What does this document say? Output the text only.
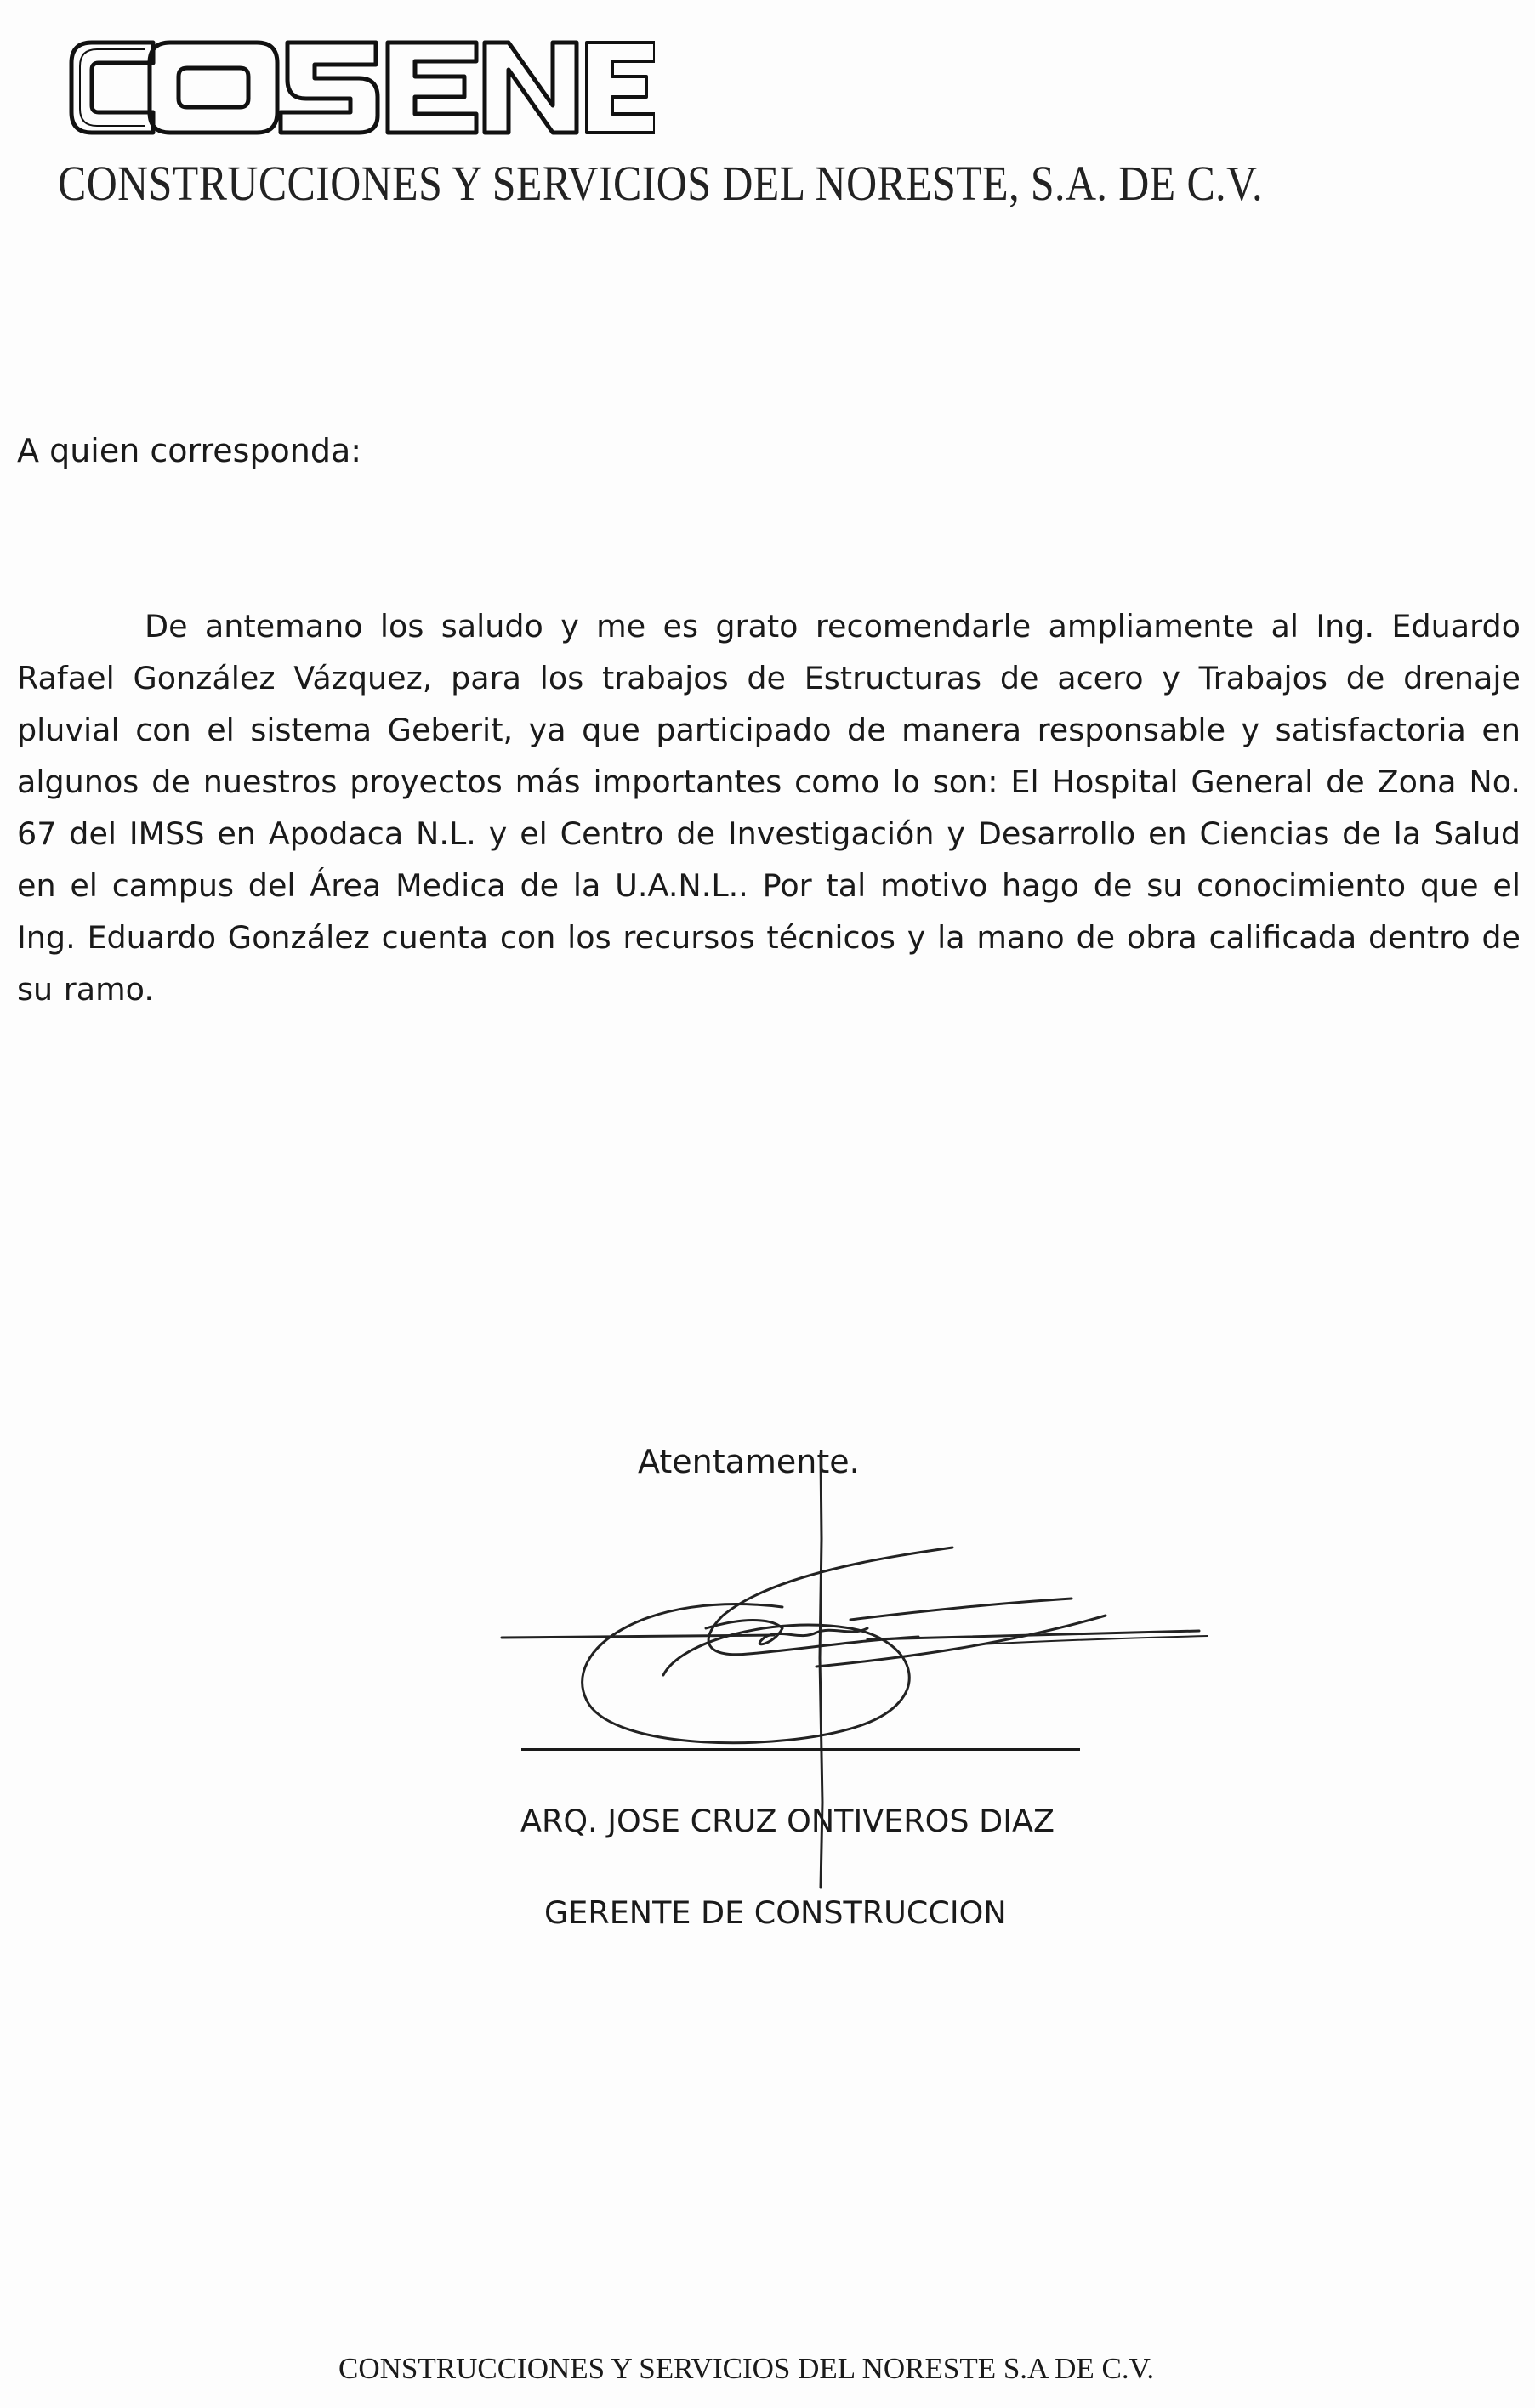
CONSTRUCCIONES Y SERVICIOS DEL NORESTE, S.A. DE C.V.
A quien corresponda:
De antemano los saludo y me es grato recomendarle ampliamente al Ing. Eduardo Rafael González Vázquez, para los trabajos de Estructuras de acero y Trabajos de drenaje pluvial con el sistema Geberit, ya que participado de manera responsable y satisfactoria en algunos de nuestros proyectos más importantes como lo son: El Hospital General de Zona No. 67 del IMSS en Apodaca N.L. y el Centro de Investigación y Desarrollo en Ciencias de la Salud en el campus del Área Medica de la U.A.N.L.. Por tal motivo hago de su conocimiento que el Ing. Eduardo González cuenta con los recursos técnicos y la mano de obra calificada dentro de su ramo.
Atentamente.
ARQ. JOSE CRUZ ONTIVEROS DIAZ
GERENTE DE CONSTRUCCION
CONSTRUCCIONES Y SERVICIOS DEL NORESTE S.A DE C.V.
